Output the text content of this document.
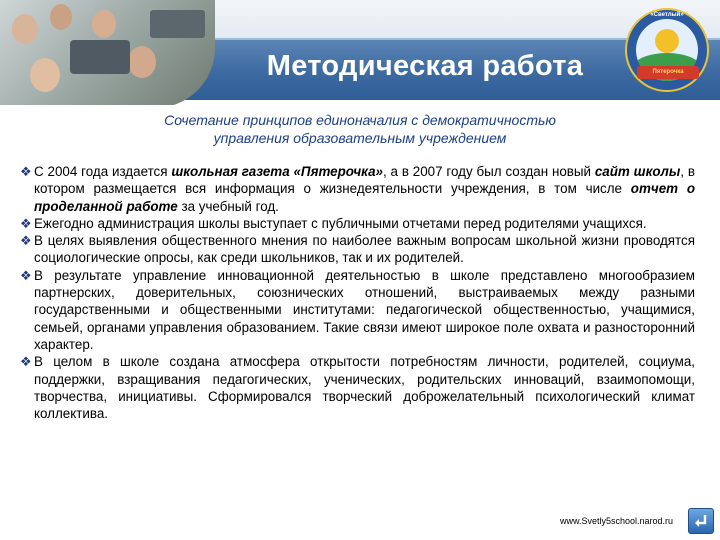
Методическая работа
«Светлый»
Пятерочка
Сочетание принципов единоначалия с демократичностью
управления образовательным учреждением
❖ С 2004 года издается школьная газета «Пятерочка», а в 2007 году был создан новый сайт школы, в котором размещается вся информация о жизнедеятельности учреждения, в том числе отчет о проделанной работе за учебный год.
❖ Ежегодно администрация школы выступает с публичными отчетами перед родителями учащихся.
❖ В целях выявления общественного мнения по наиболее важным вопросам школьной жизни проводятся социологические опросы, как среди школьников, так и их родителей.
❖ В результате управление инновационной деятельностью в школе представлено многообразием партнерских, доверительных, союзнических отношений, выстраиваемых между разными государственными и общественными институтами: педагогической общественностью, учащимися, семьей, органами управления образованием. Такие связи имеют широкое поле охвата и разносторонний характер.
❖ В целом в школе создана атмосфера открытости потребностям личности, родителей, социума, поддержки, взращивания педагогических, ученических, родительских инноваций, взаимопомощи, творчества, инициативы. Сформировался творческий доброжелательный психологический климат коллектива.
www.Svetly5school.narod.ru
